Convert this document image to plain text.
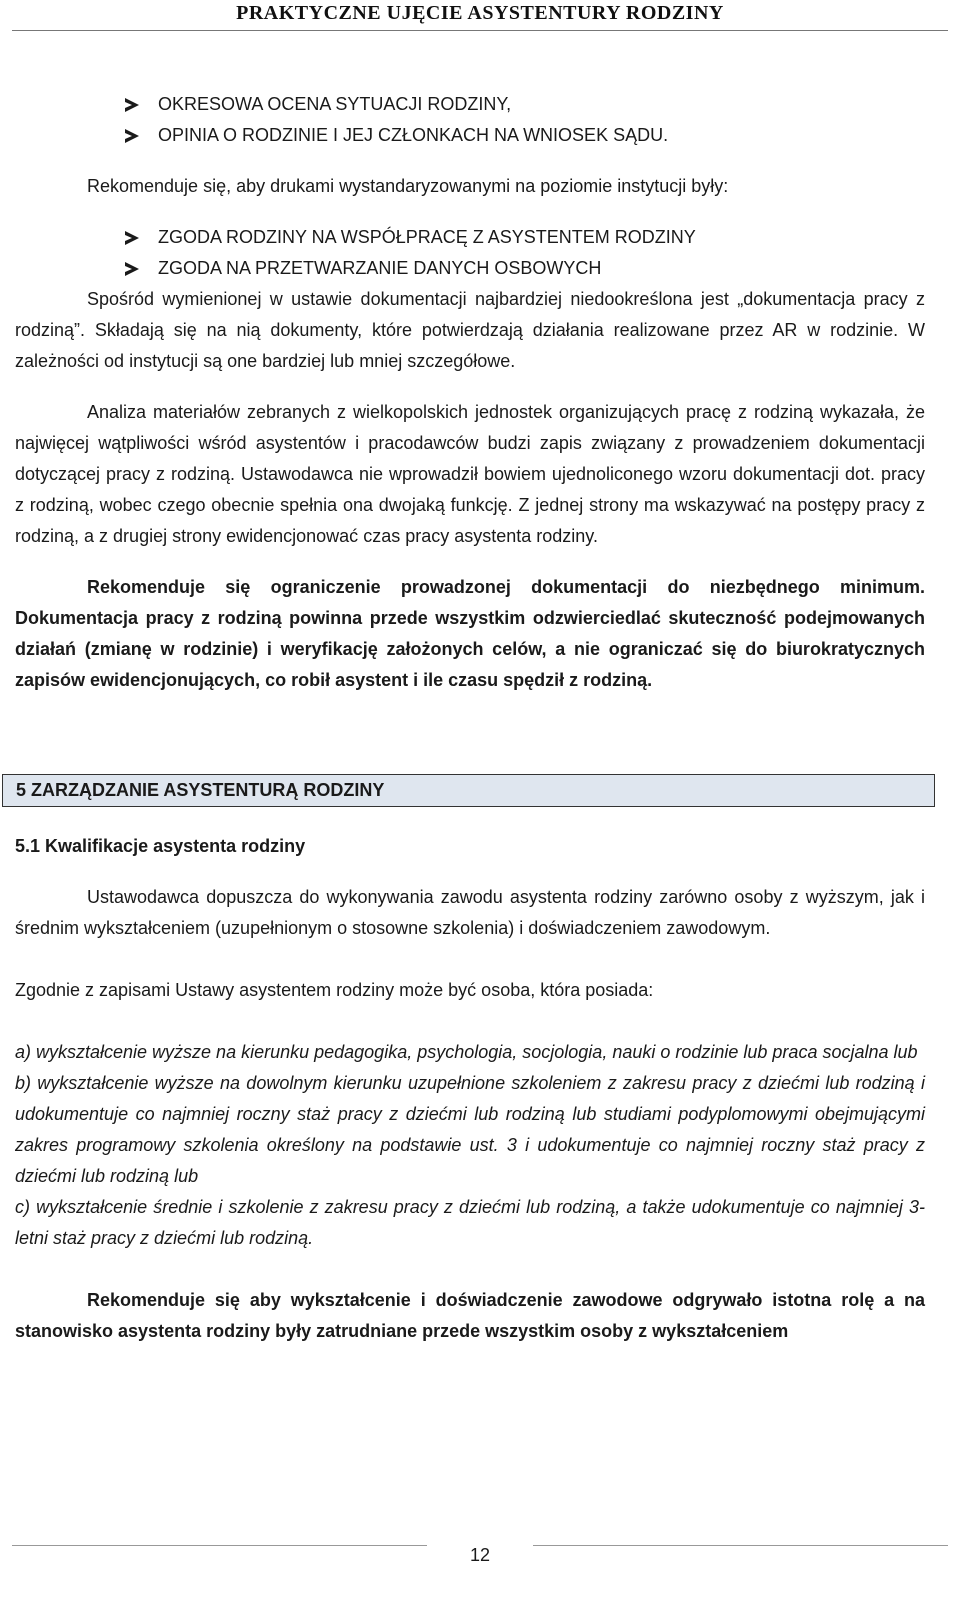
PRAKTYCZNE UJĘCIE ASYSTENTURY RODZINY
OKRESOWA OCENA SYTUACJI RODZINY,
OPINIA O RODZINIE I JEJ CZŁONKACH NA WNIOSEK SĄDU.

Rekomenduje się, aby drukami wystandaryzowanymi na poziomie instytucji były:

ZGODA RODZINY NA WSPÓŁPRACĘ Z ASYSTENTEM RODZINY
ZGODA NA PRZETWARZANIE DANYCH OSBOWYCH

Spośród wymienionej w ustawie dokumentacji najbardziej niedookreślona jest „dokumentacja pracy z rodziną”. Składają się na nią dokumenty, które potwierdzają działania realizowane przez AR w rodzinie. W zależności od instytucji są one bardziej lub mniej szczegółowe.

Analiza materiałów zebranych z wielkopolskich jednostek organizujących pracę z rodziną wykazała, że najwięcej wątpliwości wśród asystentów i pracodawców budzi zapis związany z prowadzeniem dokumentacji dotyczącej pracy z rodziną. Ustawodawca nie wprowadził bowiem ujednoliconego wzoru dokumentacji dot. pracy z rodziną, wobec czego obecnie spełnia ona dwojaką funkcję. Z jednej strony ma wskazywać na postępy pracy z rodziną, a z drugiej strony ewidencjonować czas pracy asystenta rodziny.

Rekomenduje się ograniczenie prowadzonej dokumentacji do niezbędnego minimum. Dokumentacja pracy z rodziną powinna przede wszystkim odzwierciedlać skuteczność podejmowanych działań (zmianę w rodzinie) i weryfikację założonych celów, a nie ograniczać się do biurokratycznych zapisów ewidencjonujących, co robił asystent i ile czasu spędził z rodziną.

5 ZARZĄDZANIE ASYSTENTURĄ RODZINY
5.1 Kwalifikacje asystenta rodziny

Ustawodawca dopuszcza do wykonywania zawodu asystenta rodziny zarówno osoby z wyższym, jak i średnim wykształceniem (uzupełnionym o stosowne szkolenia) i doświadczeniem zawodowym.

Zgodnie z zapisami Ustawy asystentem rodziny może być osoba, która posiada:

a) wykształcenie wyższe na kierunku pedagogika, psychologia, socjologia, nauki o rodzinie lub praca socjalna lub

b) wykształcenie wyższe na dowolnym kierunku uzupełnione szkoleniem z zakresu pracy z dziećmi lub rodziną i udokumentuje co najmniej roczny staż pracy z dziećmi lub rodziną lub studiami podyplomowymi obejmującymi zakres programowy szkolenia określony na podstawie ust. 3 i udokumentuje co najmniej roczny staż pracy z dziećmi lub rodziną lub

c) wykształcenie średnie i szkolenie z zakresu pracy z dziećmi lub rodziną, a także udokumentuje co najmniej 3-letni staż pracy z dziećmi lub rodziną.

Rekomenduje się aby wykształcenie i doświadczenie zawodowe odgrywało istotna rolę a na stanowisko asystenta rodziny były zatrudniane przede wszystkim osoby z wykształceniem

12
